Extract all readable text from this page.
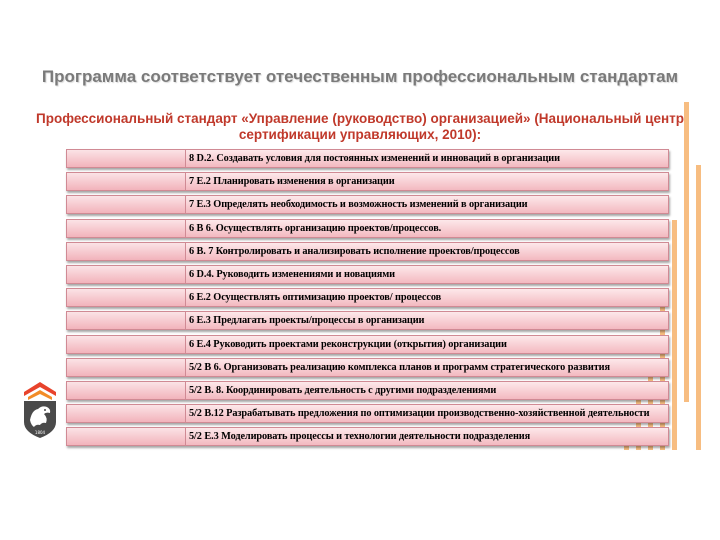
Программа соответствует отечественным профессиональным стандартам
Профессиональный стандарт «Управление (руководство) организацией» (Национальный центр сертификации управляющих, 2010):
8 D.2. Создавать условия для постоянных изменений и инноваций в организации
7 Е.2 Планировать изменения в организации
7 Е.3 Определять необходимость и возможность изменений в организации
6 В 6. Осуществлять организацию проектов/процессов.
6 В. 7 Контролировать и анализировать исполнение проектов/процессов
6 D.4. Руководить изменениями и новациями
6 Е.2 Осуществлять оптимизацию проектов/ процессов
6 Е.3 Предлагать проекты/процессы в организации
6 Е.4 Руководить проектами реконструкции (открытия) организации
5/2 В 6. Организовать реализацию комплекса планов и программ стратегического развития
5/2 В. 8. Координировать деятельность с другими подразделениями
5/2 В.12 Разрабатывать предложения по оптимизации производственно-хозяйственной деятельности
5/2 Е.3 Моделировать процессы и технологии деятельности подразделения
1804
